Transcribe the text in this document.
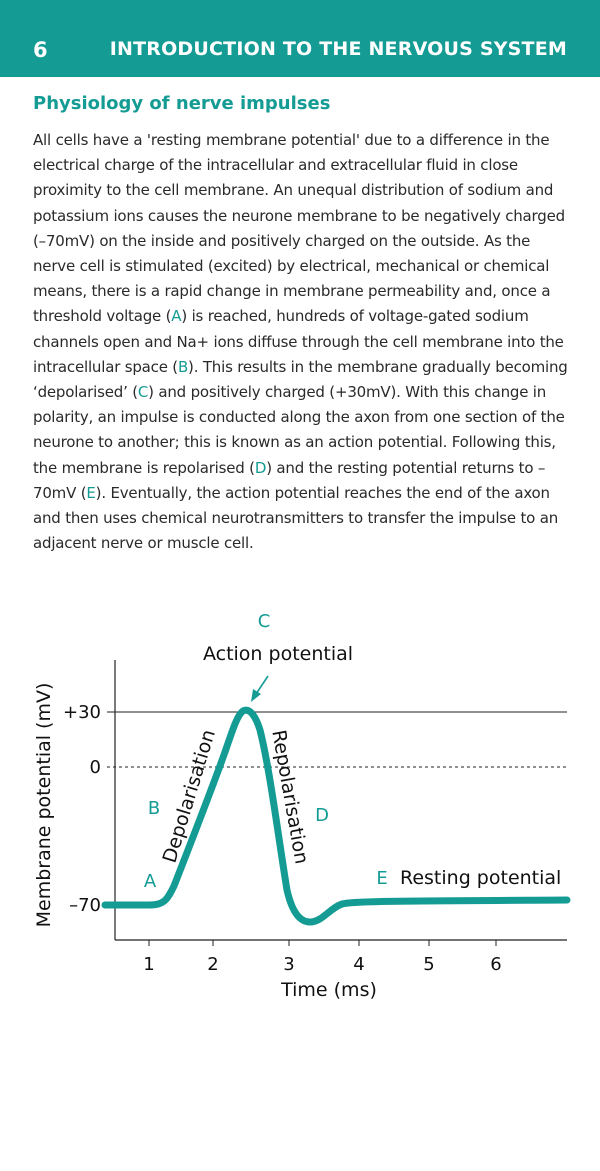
6	INTRODUCTION TO THE NERVOUS SYSTEM
Physiology of nerve impulses

All cells have a 'resting membrane potential' due to a difference in the electrical charge of the intracellular and extracellular fluid in close proximity to the cell membrane. An unequal distribution of sodium and potassium ions causes the neurone membrane to be negatively charged (–70mV) on the inside and positively charged on the outside. As the nerve cell is stimulated (excited) by electrical, mechanical or chemical means, there is a rapid change in membrane permeability and, once a threshold voltage (A) is reached, hundreds of voltage-gated sodium channels open and Na+ ions diffuse through the cell membrane into the intracellular space (B). This results in the membrane gradually becoming ‘depolarised’ (C) and positively charged (+30mV). With this change in polarity, an impulse is conducted along the axon from one section of the neurone to another; this is known as an action potential. Following this, the membrane is repolarised (D) and the resting potential returns to –70mV (E). Eventually, the action potential reaches the end of the axon and then uses chemical neurotransmitters to transfer the impulse to an adjacent nerve or muscle cell.

+30
0
–70
1	2	3	4	5	6
Time (ms)
Membrane potential (mV)
C
Action potential
B
A
D
E Resting potential
Depolarisation Repolarisation
